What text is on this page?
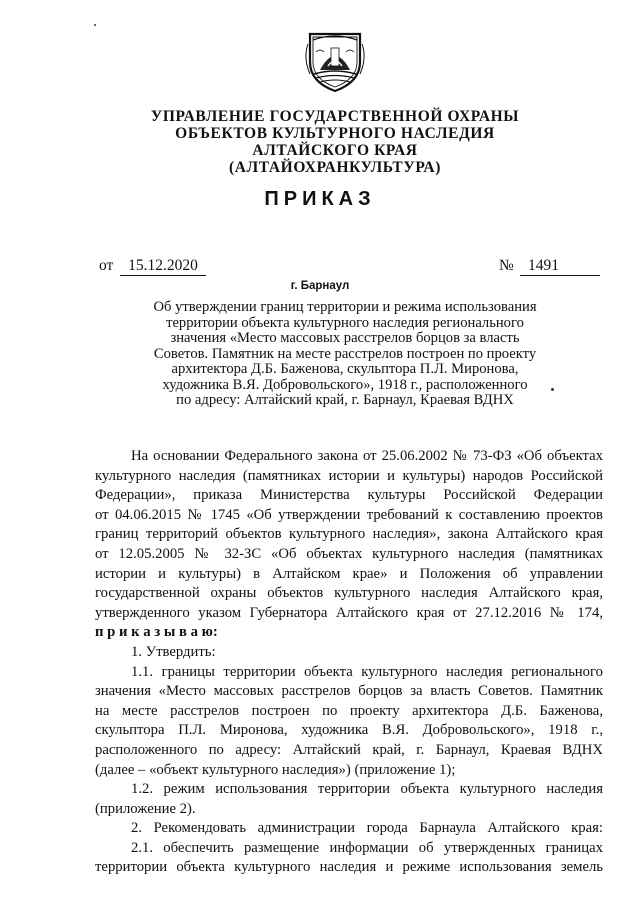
УПРАВЛЕНИЕ ГОСУДАРСТВЕННОЙ ОХРАНЫ
ОБЪЕКТОВ КУЛЬТУРНОГО НАСЛЕДИЯ
АЛТАЙСКОГО КРАЯ
(АЛТАЙОХРАНКУЛЬТУРА)
ПРИКАЗ
от 15.12.2020	№ 1491
г. Барнаул
Об утверждении границ территории и режима использования
территории объекта культурного наследия регионального
значения «Место массовых расстрелов борцов за власть
Советов. Памятник на месте расстрелов построен по проекту
архитектора Д.Б. Баженова, скульптора П.Л. Миронова,
художника В.Я. Добровольского», 1918 г., расположенного
по адресу: Алтайский край, г. Барнаул, Краевая ВДНХ

На основании Федерального закона от 25.06.2002 № 73-ФЗ «Об объектах

культурного наследия (памятниках истории и культуры) народов Российской

Федерации», приказа Министерства культуры Российской Федерации

от 04.06.2015 № 1745 «Об утверждении требований к составлению проектов

границ территорий объектов культурного наследия», закона Алтайского края

от 12.05.2005 № 32-ЗС «Об объектах культурного наследия (памятниках

истории и культуры) в Алтайском крае» и Положения об управлении

государственной охраны объектов культурного наследия Алтайского края,

утвержденного указом Губернатора Алтайского края от 27.12.2016 № 174,

п р и к а з ы в а ю:

1. Утвердить:

1.1. границы территории объекта культурного наследия регионального

значения «Место массовых расстрелов борцов за власть Советов. Памятник

на месте расстрелов построен по проекту архитектора Д.Б. Баженова,

скульптора П.Л. Миронова, художника В.Я. Добровольского», 1918 г.,

расположенного по адресу: Алтайский край, г. Барнаул, Краевая ВДНХ

(далее – «объект культурного наследия») (приложение 1);

1.2. режим использования территории объекта культурного наследия

(приложение 2).

2. Рекомендовать администрации города Барнаула Алтайского края:

2.1. обеспечить размещение информации об утвержденных границах

территории объекта культурного наследия и режиме использования земель
